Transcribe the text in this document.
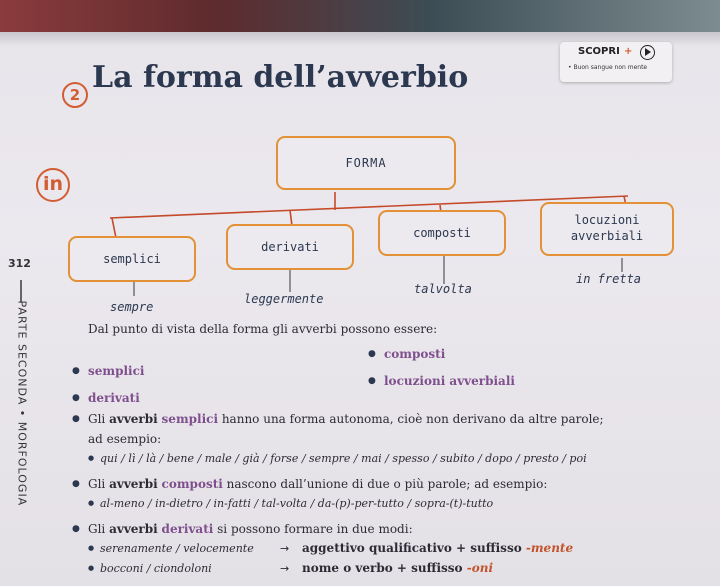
SCOPRI +
• Buon sangue non mente
2 La forma dell’avverbio
in
312
PARTE SECONDA • MORFOLOGIA
FORMA
semplici
derivati
composti
locuzioni avverbiali
sempre
leggermente
talvolta
in fretta
Dal punto di vista della forma gli avverbi possono essere:
● semplici
● composti
● derivati
● locuzioni avverbiali
● Gli avverbi semplici hanno una forma autonoma, cioè non derivano da altre parole;
ad esempio:
● qui / lì / là / bene / male / già / forse / sempre / mai / spesso / subito / dopo / presto / poi
● Gli avverbi composti nascono dall’unione di due o più parole; ad esempio:
● al-meno / in-dietro / in-fatti / tal-volta / da-(p)-per-tutto / sopra-(t)-tutto
● Gli avverbi derivati si possono formare in due modi:
● serenamente / velocemente → aggettivo qualificativo + suffisso -mente
● bocconi / ciondoloni	→ nome o verbo + suffisso -oni
